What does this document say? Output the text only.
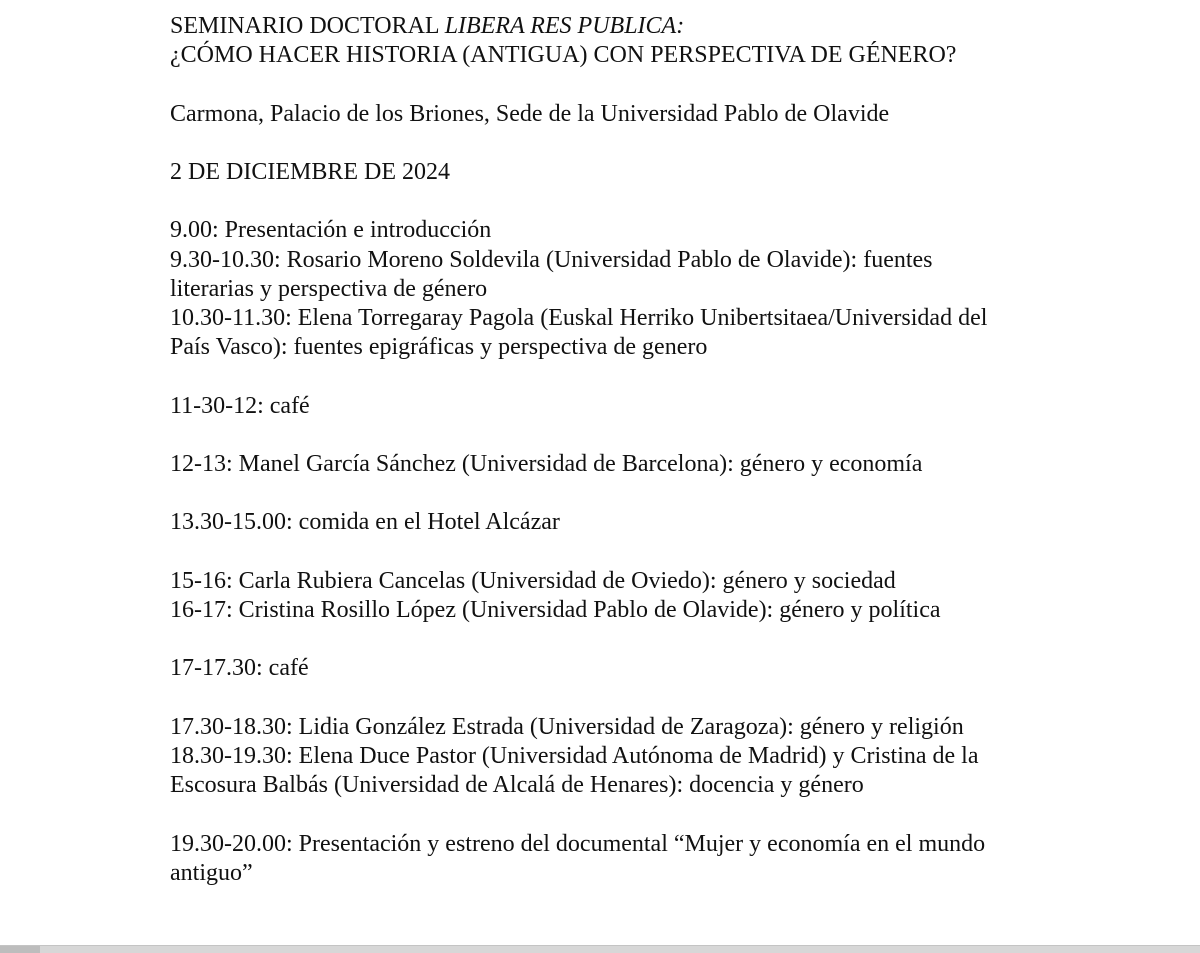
SEMINARIO DOCTORAL LIBERA RES PUBLICA:
¿CÓMO HACER HISTORIA (ANTIGUA) CON PERSPECTIVA DE GÉNERO?
Carmona, Palacio de los Briones, Sede de la Universidad Pablo de Olavide
2 DE DICIEMBRE DE 2024
9.00: Presentación e introducción
9.30-10.30: Rosario Moreno Soldevila (Universidad Pablo de Olavide): fuentes
literarias y perspectiva de género
10.30-11.30: Elena Torregaray Pagola (Euskal Herriko Unibertsitaea/Universidad del
País Vasco): fuentes epigráficas y perspectiva de genero
11-30-12: café
12-13: Manel García Sánchez (Universidad de Barcelona): género y economía
13.30-15.00: comida en el Hotel Alcázar
15-16: Carla Rubiera Cancelas (Universidad de Oviedo): género y sociedad
16-17: Cristina Rosillo López (Universidad Pablo de Olavide): género y política
17-17.30: café
17.30-18.30: Lidia González Estrada (Universidad de Zaragoza): género y religión
18.30-19.30: Elena Duce Pastor (Universidad Autónoma de Madrid) y Cristina de la
Escosura Balbás (Universidad de Alcalá de Henares): docencia y género
19.30-20.00: Presentación y estreno del documental “Mujer y economía en el mundo
antiguo”
